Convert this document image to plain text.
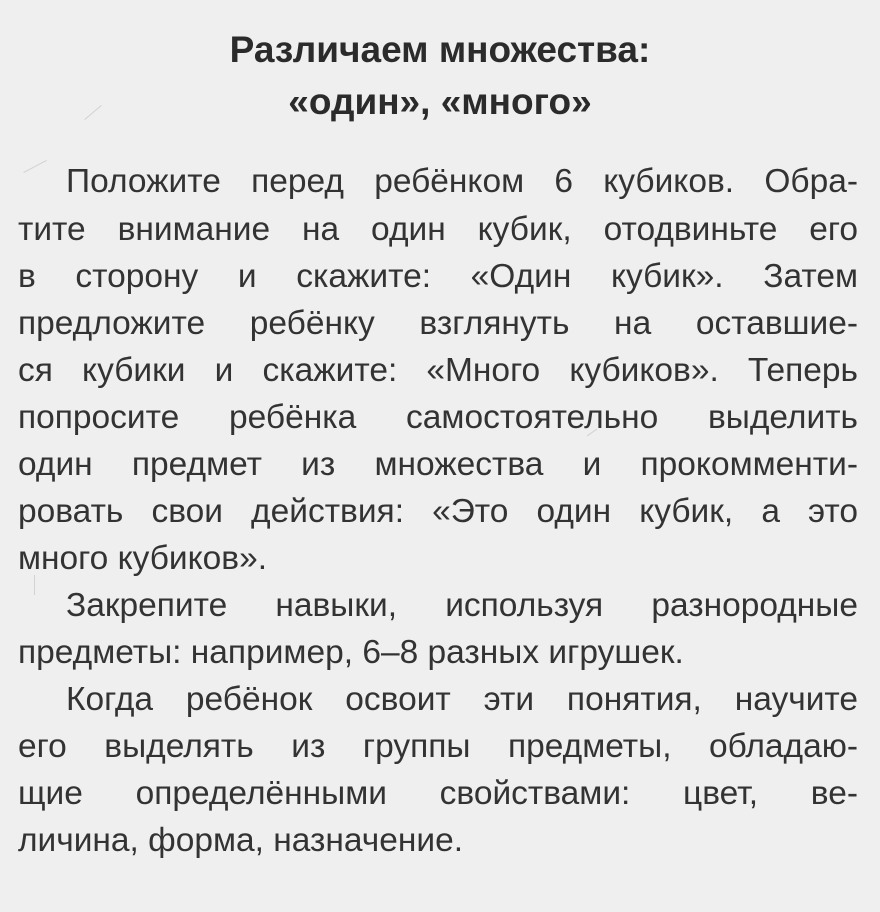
Различаем множества:
«один», «много»
Положите перед ребёнком 6 кубиков. Обра-
тите внимание на один кубик, отодвиньте его
в сторону и скажите: «Один кубик». Затем
предложите ребёнку взглянуть на оставшие-
ся кубики и скажите: «Много кубиков». Теперь
попросите ребёнка самостоятельно выделить
один предмет из множества и прокомменти-
ровать свои действия: «Это один кубик, а это
много кубиков».
Закрепите навыки, используя разнородные
предметы: например, 6–8 разных игрушек.
Когда ребёнок освоит эти понятия, научите
его выделять из группы предметы, обладаю-
щие определёнными свойствами: цвет, ве-
личина, форма, назначение.
